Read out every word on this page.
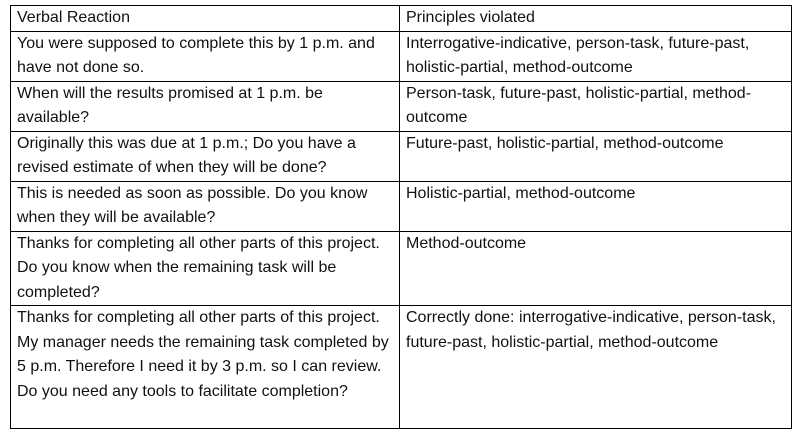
Verbal Reaction	Principles violated
You were supposed to complete this by 1 p.m. and have not done so.	Interrogative-indicative, person-task, future-past, holistic-partial, method-outcome
When will the results promised at 1 p.m. be available?	Person-task, future-past, holistic-partial, method-outcome
Originally this was due at 1 p.m.; Do you have a revised estimate of when they will be done?	Future-past, holistic-partial, method-outcome
This is needed as soon as possible. Do you know when they will be available?	Holistic-partial, method-outcome
Thanks for completing all other parts of this project. Do you know when the remaining task will be completed?	Method-outcome
Thanks for completing all other parts of this project. My manager needs the remaining task completed by 5 p.m. Therefore I need it by 3 p.m. so I can review. Do you need any tools to facilitate completion?	Correctly done: interrogative-indicative, person-task, future-past, holistic-partial, method-outcome
